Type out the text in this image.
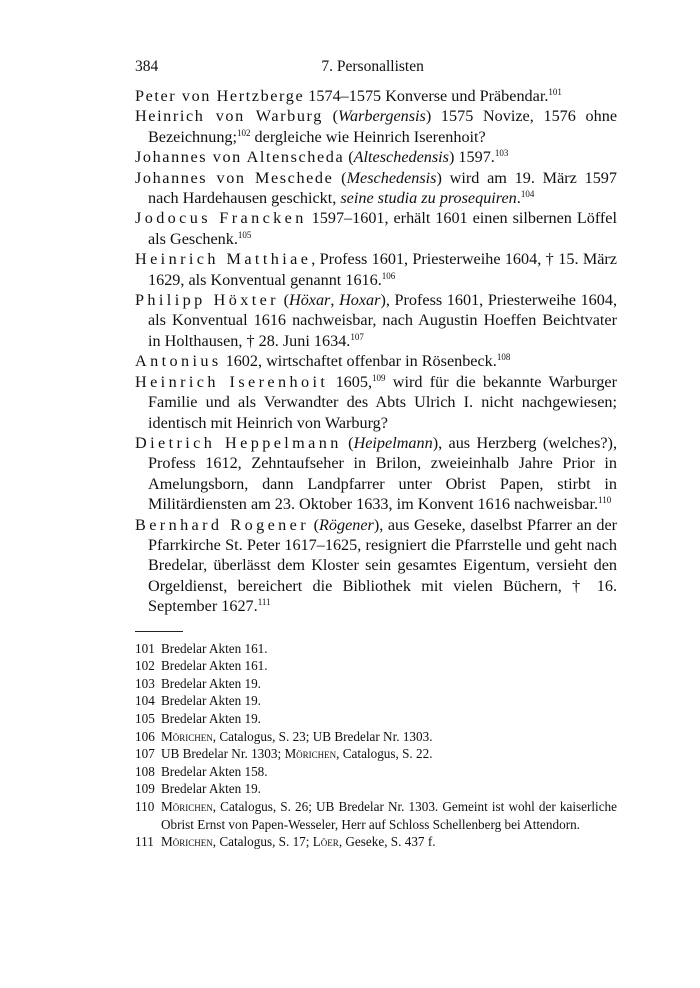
384	7. Personallisten

Peter von Hertzberge 1574–1575 Konverse und Präbendar.$^{101}$

Heinrich von Warburg (Warbergensis) 1575 Novize, 1576 ohne Bezeichnung;$^{102}$ dergleiche wie Heinrich Iserenhoit?

Johannes von Altenscheda (Alteschedensis) 1597.$^{103}$

Johannes von Meschede (Meschedensis) wird am 19. März 1597 nach Hardehausen geschickt, seine studia zu prosequiren.$^{104}$

Jodocus Francken 1597–1601, erhält 1601 einen silbernen Löffel als Geschenk.$^{105}$

Heinrich Matthiae, Profess 1601, Priesterweihe 1604, † 15. März 1629, als Konventual genannt 1616.$^{106}$

Philipp Höxter (Höxar, Hoxar), Profess 1601, Priesterweihe 1604, als Konventual 1616 nachweisbar, nach Augustin Hoeffen Beichtvater in Holthausen, † 28. Juni 1634.$^{107}$

Antonius 1602, wirtschaftet offenbar in Rösenbeck.$^{108}$

Heinrich Iserenhoit 1605,$^{109}$ wird für die bekannte Warburger Familie und als Verwandter des Abts Ulrich I. nicht nachgewiesen; identisch mit Heinrich von Warburg?

Dietrich Heppelmann (Heipelmann), aus Herzberg (welches?), Profess 1612, Zehntaufseher in Brilon, zweieinhalb Jahre Prior in Amelungsborn, dann Landpfarrer unter Obrist Papen, stirbt in Militärdiensten am 23. Oktober 1633, im Konvent 1616 nachweisbar.$^{110}$

Bernhard Rogener (Rögener), aus Geseke, daselbst Pfarrer an der Pfarrkirche St. Peter 1617–1625, resigniert die Pfarrstelle und geht nach Bredelar, überlässt dem Kloster sein gesamtes Eigentum, versieht den Orgeldienst, bereichert die Bibliothek mit vielen Büchern, † 16. September 1627.$^{111}$

101 Bredelar Akten 161.
102 Bredelar Akten 161.
103 Bredelar Akten 19.
104 Bredelar Akten 19.
105 Bredelar Akten 19.
106 Mörichen, Catalogus, S. 23; UB Bredelar Nr. 1303.
107 UB Bredelar Nr. 1303; Mörichen, Catalogus, S. 22.
108 Bredelar Akten 158.
109 Bredelar Akten 19.
110 Mörichen, Catalogus, S. 26; UB Bredelar Nr. 1303. Gemeint ist wohl der kaiserliche Obrist Ernst von Papen-Wesseler, Herr auf Schloss Schellenberg bei Attendorn.
111 Mörichen, Catalogus, S. 17; Löer, Geseke, S. 437 f.
